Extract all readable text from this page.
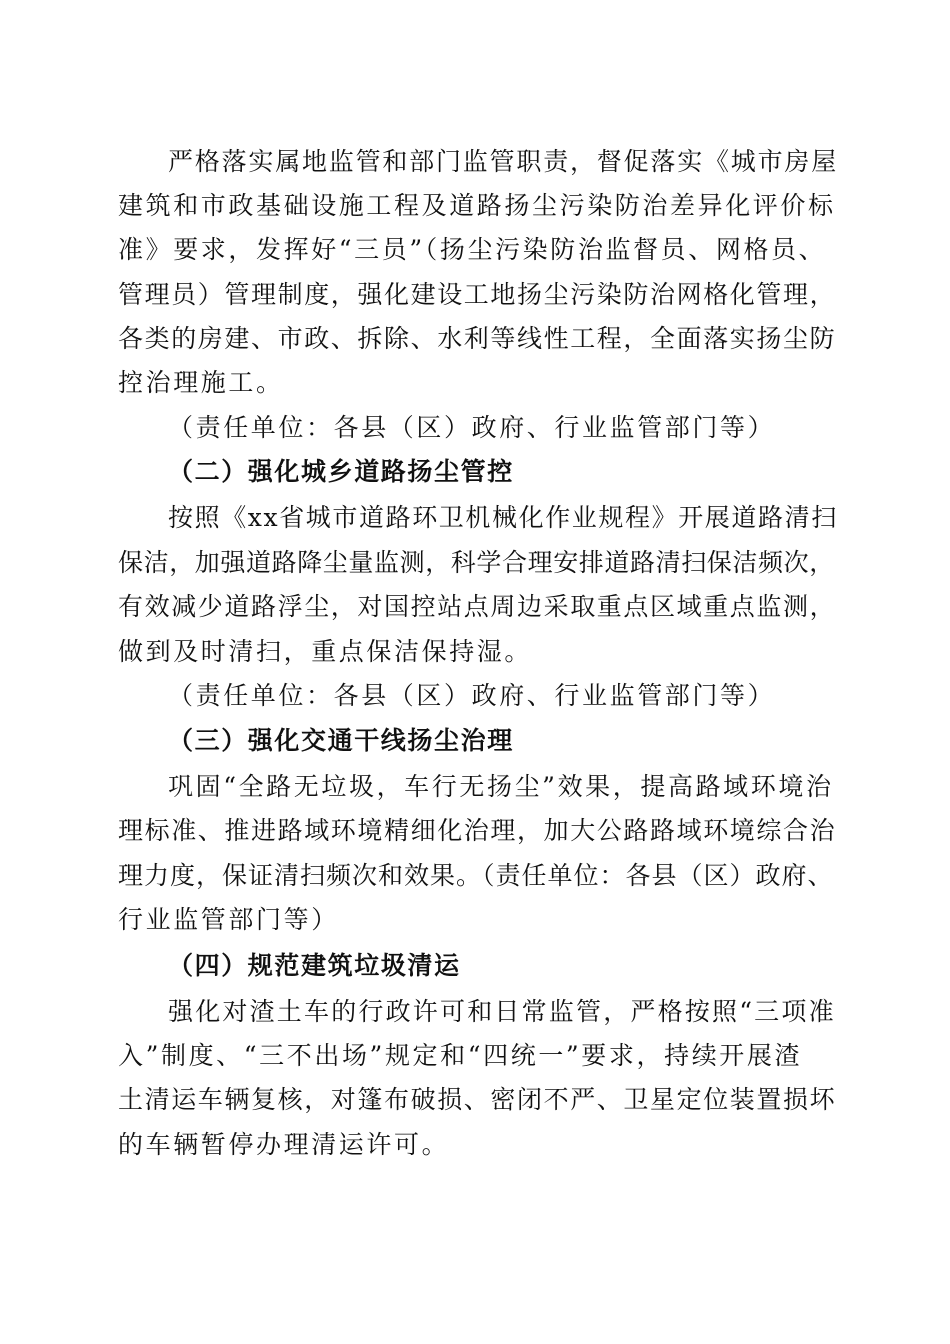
严格落实属地监管和部门监管职责，督促落实《城市房屋
建筑和市政基础设施工程及道路扬尘污染防治差异化评价标
准》要求，发挥好“三员”（扬尘污染防治监督员、网格员、
管理员）管理制度，强化建设工地扬尘污染防治网格化管理，
各类的房建、市政、拆除、水利等线性工程，全面落实扬尘防
控治理施工。
（责任单位：各县（区）政府、行业监管部门等）
（二）强化城乡道路扬尘管控
按照《xx省城市道路环卫机械化作业规程》开展道路清扫
保洁，加强道路降尘量监测，科学合理安排道路清扫保洁频次，
有效减少道路浮尘，对国控站点周边采取重点区域重点监测，
做到及时清扫，重点保洁保持湿。
（责任单位：各县（区）政府、行业监管部门等）
（三）强化交通干线扬尘治理
巩固“全路无垃圾，车行无扬尘”效果，提高路域环境治
理标准、推进路域环境精细化治理，加大公路路域环境综合治
理力度，保证清扫频次和效果。（责任单位：各县（区）政府、
行业监管部门等）
（四）规范建筑垃圾清运
强化对渣土车的行政许可和日常监管，严格按照“三项准
入”制度、“三不出场”规定和“四统一”要求，持续开展渣
土清运车辆复核，对篷布破损、密闭不严、卫星定位装置损坏
的车辆暂停办理清运许可。
